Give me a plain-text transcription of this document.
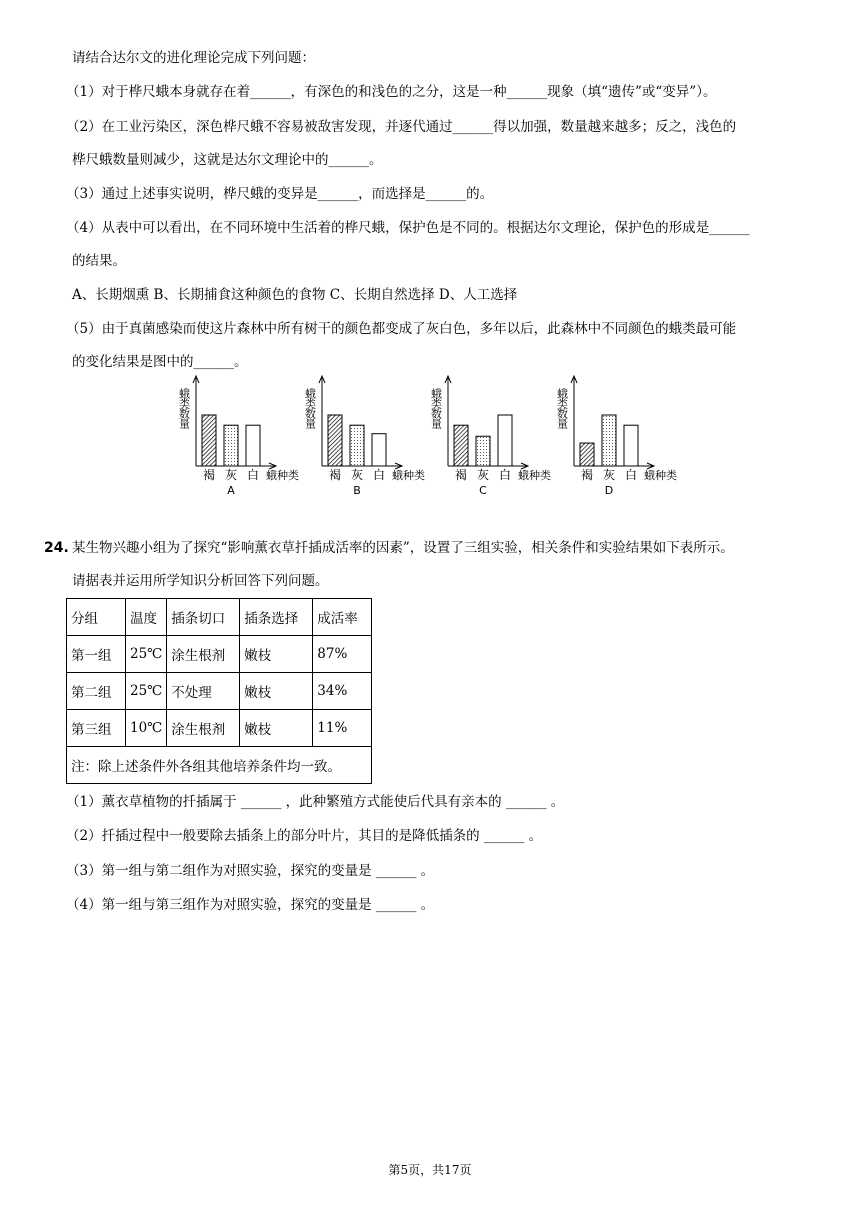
请结合达尔文的进化理论完成下列问题：
（1）对于桦尺蛾本身就存在着______，有深色的和浅色的之分，这是一种______现象（填“遗传”或“变异”）。
（2）在工业污染区，深色桦尺蛾不容易被敌害发现，并逐代通过______得以加强，数量越来越多；反之，浅色的
桦尺蛾数量则减少，这就是达尔文理论中的______。
（3）通过上述事实说明，桦尺蛾的变异是______，而选择是______的。
（4）从表中可以看出，在不同环境中生活着的桦尺蛾，保护色是不同的。根据达尔文理论，保护色的形成是______
的结果。
A、长期烟熏 B、长期捕食这种颜色的食物 C、长期自然选择 D、人工选择
（5）由于真菌感染而使这片森林中所有树干的颜色都变成了灰白色，多年以后，此森林中不同颜色的蛾类最可能
的变化结果是图中的______。
蛾类数量
褐 灰 白 蛾种类
A
蛾类数量
褐 灰 白 蛾种类
B
蛾类数量
褐 灰 白 蛾种类
C
蛾类数量
褐 灰 白 蛾种类
D
24. 某生物兴趣小组为了探究“影响薰衣草扦插成活率的因素”，设置了三组实验，相关条件和实验结果如下表所示。
请据表并运用所学知识分析回答下列问题。
分组	温度	插条切口	插条选择	成活率
第一组	25℃	涂生根剂	嫩枝	87%
第二组	25℃	不处理	嫩枝	34%
第三组	10℃	涂生根剂	嫩枝	11%
注：除上述条件外各组其他培养条件均一致。				
（1）薰衣草植物的扦插属于 ______ ，此种繁殖方式能使后代具有亲本的 ______ 。
（2）扦插过程中一般要除去插条上的部分叶片，其目的是降低插条的 ______ 。
（3）第一组与第二组作为对照实验，探究的变量是 ______ 。
（4）第一组与第三组作为对照实验，探究的变量是 ______ 。
第5页，共17页
